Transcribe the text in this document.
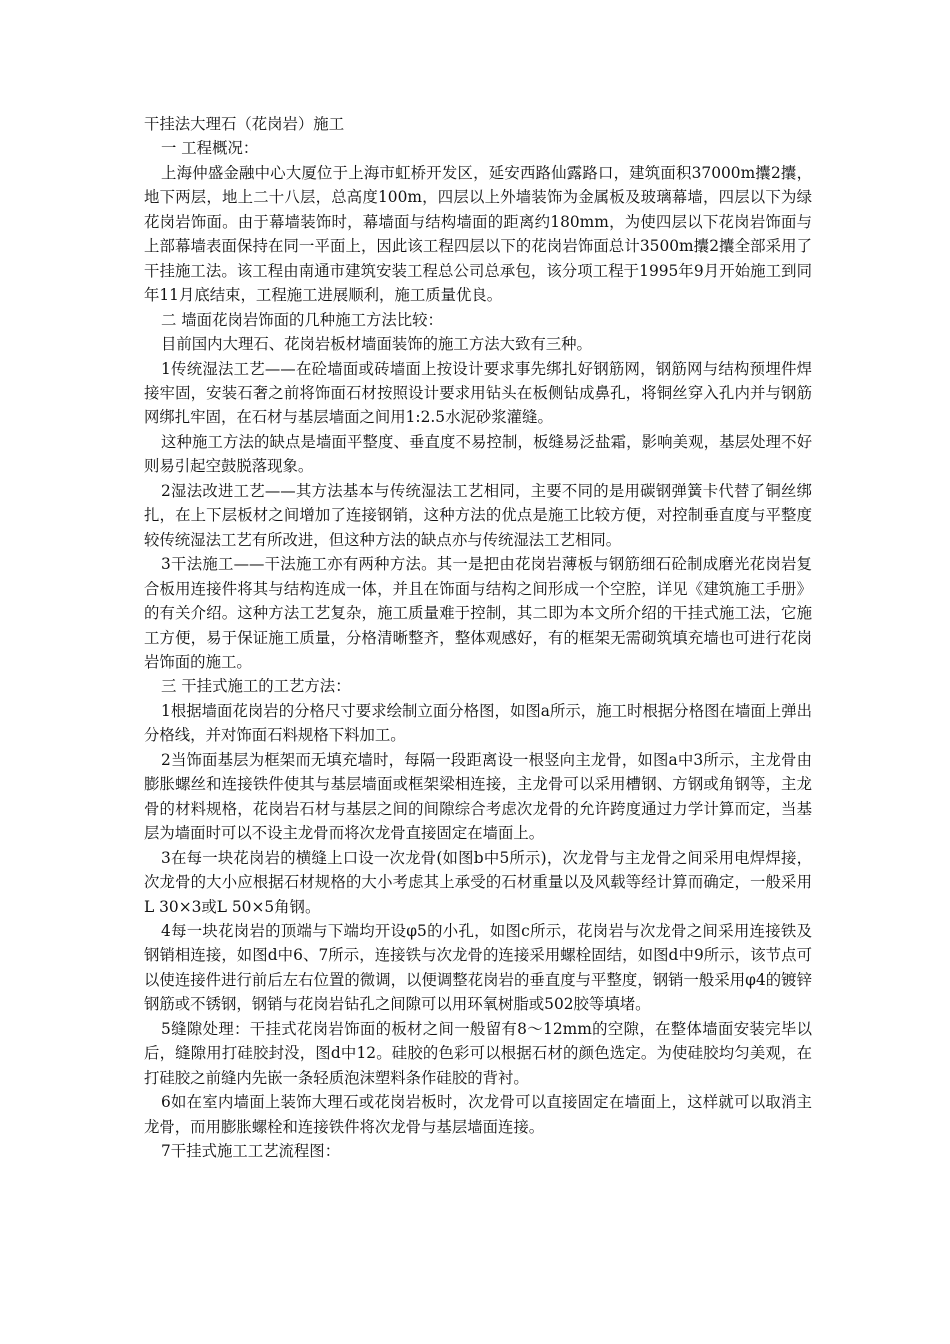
干挂法大理石（花岗岩）施工

一 工程概况：

上海仲盛金融中心大厦位于上海市虹桥开发区，延安西路仙露路口，建筑面积37000m攮2攮，地下两层，地上二十八层，总高度100m，四层以上外墙装饰为金属板及玻璃幕墙，四层以下为绿花岗岩饰面。由于幕墙装饰时，幕墙面与结构墙面的距离约180mm，为使四层以下花岗岩饰面与上部幕墙表面保持在同一平面上，因此该工程四层以下的花岗岩饰面总计3500m攮2攮全部采用了干挂施工法。该工程由南通市建筑安装工程总公司总承包，该分项工程于1995年9月开始施工到同年11月底结束，工程施工进展顺利，施工质量优良。

二 墙面花岗岩饰面的几种施工方法比较：

目前国内大理石、花岗岩板材墙面装饰的施工方法大致有三种。

1传统湿法工艺——在砼墙面或砖墙面上按设计要求事先绑扎好钢筋网，钢筋网与结构预埋件焊接牢固，安装石奢之前将饰面石材按照设计要求用钻头在板侧钻成鼻孔，将铜丝穿入孔内并与钢筋网绑扎牢固，在石材与基层墙面之间用1:2.5水泥砂浆灌缝。

这种施工方法的缺点是墙面平整度、垂直度不易控制，板缝易泛盐霜，影响美观，基层处理不好则易引起空鼓脱落现象。

2湿法改进工艺——其方法基本与传统湿法工艺相同，主要不同的是用碳钢弹簧卡代替了铜丝绑扎，在上下层板材之间增加了连接钢销，这种方法的优点是施工比较方便，对控制垂直度与平整度较传统湿法工艺有所改进，但这种方法的缺点亦与传统湿法工艺相同。

3干法施工——干法施工亦有两种方法。其一是把由花岗岩薄板与钢筋细石砼制成磨光花岗岩复合板用连接件将其与结构连成一体，并且在饰面与结构之间形成一个空腔，详见《建筑施工手册》的有关介绍。这种方法工艺复杂，施工质量难于控制，其二即为本文所介绍的干挂式施工法，它施工方便，易于保证施工质量，分格清晰整齐，整体观感好，有的框架无需砌筑填充墙也可进行花岗岩饰面的施工。

三 干挂式施工的工艺方法：

1根据墙面花岗岩的分格尺寸要求绘制立面分格图，如图a所示，施工时根据分格图在墙面上弹出分格线，并对饰面石料规格下料加工。

2当饰面基层为框架而无填充墙时，每隔一段距离设一根竖向主龙骨，如图a中3所示，主龙骨由膨胀螺丝和连接铁件使其与基层墙面或框架梁相连接，主龙骨可以采用槽钢、方钢或角钢等，主龙骨的材料规格，花岗岩石材与基层之间的间隙综合考虑次龙骨的允许跨度通过力学计算而定，当基层为墙面时可以不设主龙骨而将次龙骨直接固定在墙面上。

3在每一块花岗岩的横缝上口设一次龙骨(如图b中5所示)，次龙骨与主龙骨之间采用电焊焊接，次龙骨的大小应根据石材规格的大小考虑其上承受的石材重量以及风载等经计算而确定，一般采用L 30×3或L 50×5角钢。

4每一块花岗岩的顶端与下端均开设φ5的小孔，如图c所示，花岗岩与次龙骨之间采用连接铁及钢销相连接，如图d中6、7所示，连接铁与次龙骨的连接采用螺栓固结，如图d中9所示，该节点可以使连接件进行前后左右位置的微调，以便调整花岗岩的垂直度与平整度，钢销一般采用φ4的镀锌钢筋或不锈钢，钢销与花岗岩钻孔之间隙可以用环氧树脂或502胶等填堵。

5缝隙处理：干挂式花岗岩饰面的板材之间一般留有8～12mm的空隙，在整体墙面安装完毕以后，缝隙用打硅胶封没，图d中12。硅胶的色彩可以根据石材的颜色选定。为使硅胶均匀美观，在打硅胶之前缝内先嵌一条轻质泡沫塑料条作硅胶的背衬。

6如在室内墙面上装饰大理石或花岗岩板时，次龙骨可以直接固定在墙面上，这样就可以取消主龙骨，而用膨胀螺栓和连接铁件将次龙骨与基层墙面连接。

7干挂式施工工艺流程图：
